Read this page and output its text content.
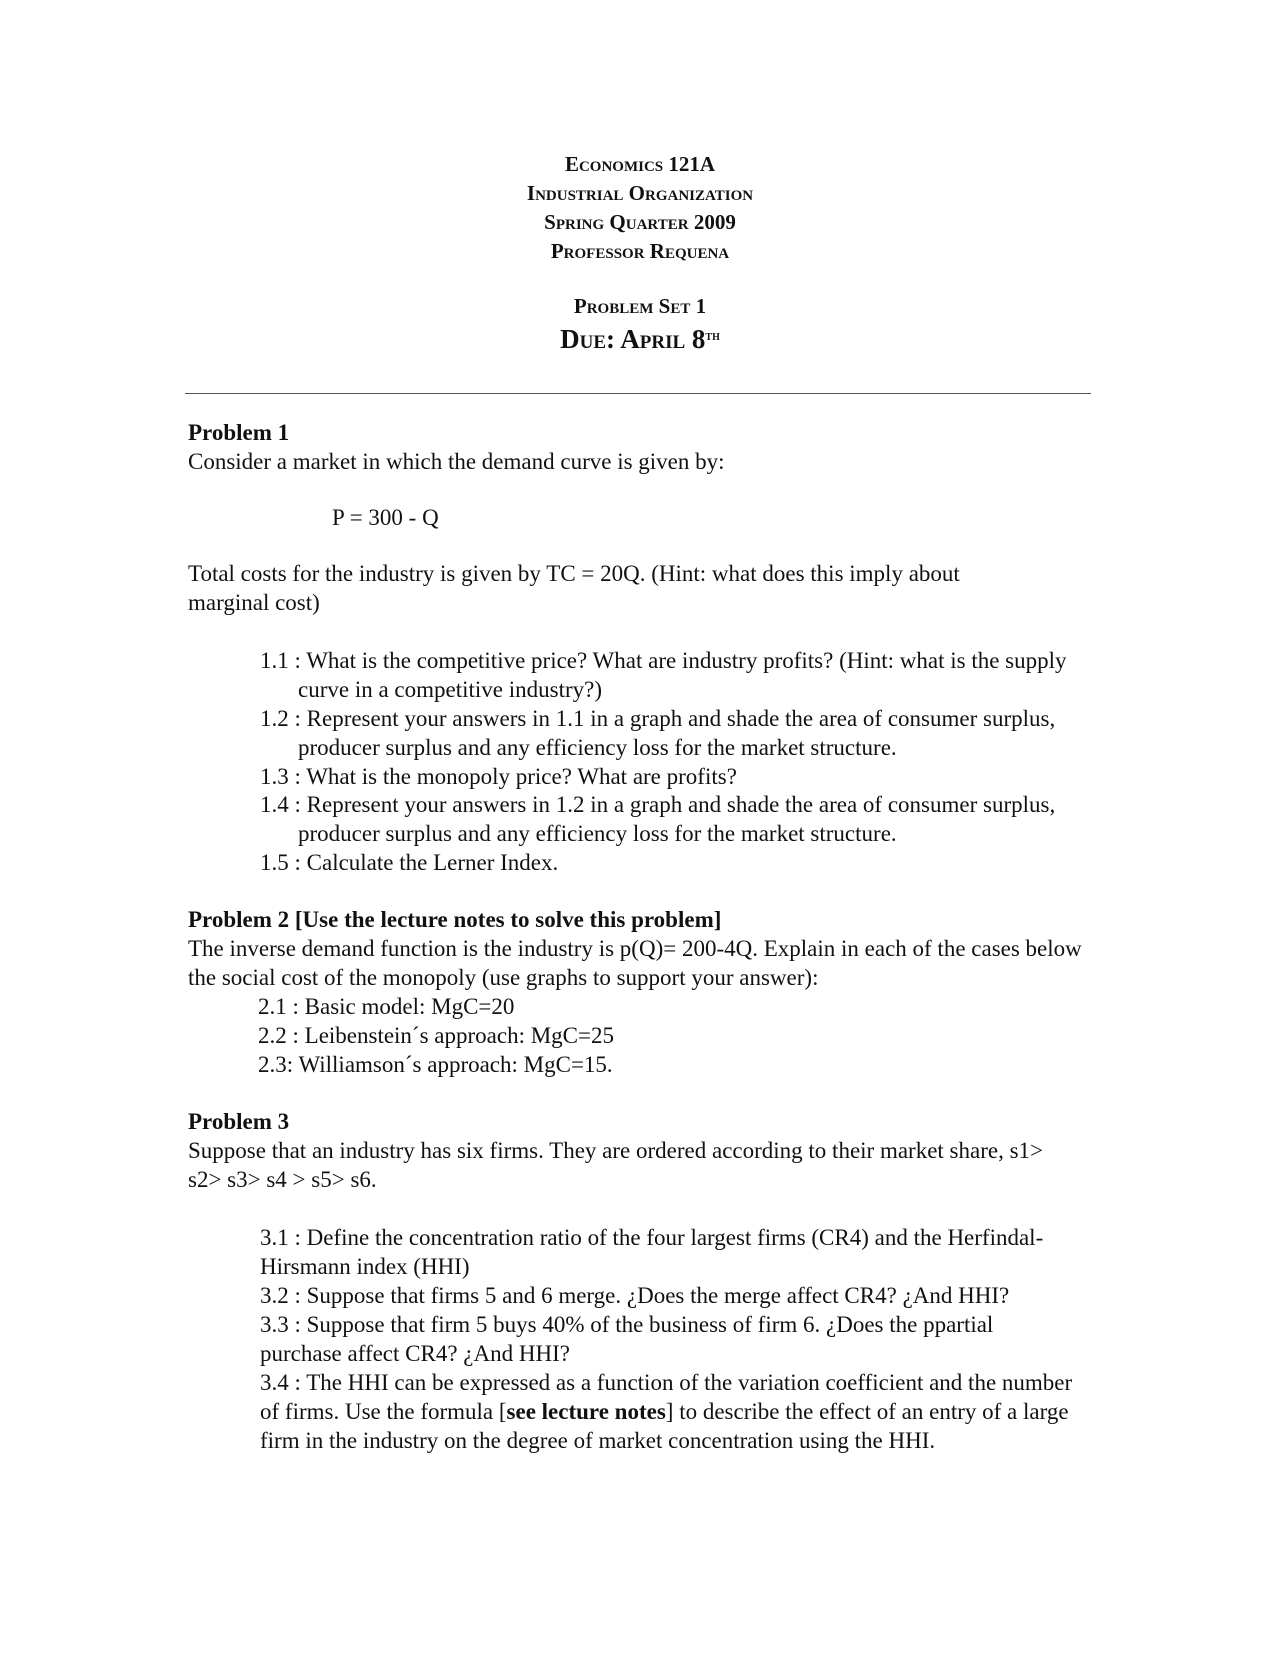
Economics 121A
Industrial Organization
Spring Quarter 2009
Professor Requena
Problem Set 1
Due: April 8th
Problem 1
Consider a market in which the demand curve is given by:
P = 300 - Q
Total costs for the industry is given by TC = 20Q. (Hint: what does this imply about marginal cost)
1.1 : What is the competitive price? What are industry profits? (Hint: what is the supply curve in a competitive industry?)
1.2 : Represent your answers in 1.1 in a graph and shade the area of consumer surplus, producer surplus and any efficiency loss for the market structure.
1.3 : What is the monopoly price? What are profits?
1.4 : Represent your answers in 1.2 in a graph and shade the area of consumer surplus, producer surplus and any efficiency loss for the market structure.
1.5 : Calculate the Lerner Index.
Problem 2 [Use the lecture notes to solve this problem]
The inverse demand function is the industry is p(Q)= 200-4Q. Explain in each of the cases below the social cost of the monopoly (use graphs to support your answer):
2.1 : Basic model: MgC=20
2.2 : Leibenstein´s approach: MgC=25
2.3: Williamson´s approach: MgC=15.
Problem 3
Suppose that an industry has six firms. They are ordered according to their market share, s1> s2> s3> s4 > s5> s6.
3.1 : Define the concentration ratio of the four largest firms (CR4) and the Herfindal-Hirsmann index (HHI)
3.2 : Suppose that firms 5 and 6 merge. ¿Does the merge affect CR4? ¿And HHI?
3.3 : Suppose that firm 5 buys 40% of the business of firm 6. ¿Does the ppartial purchase affect CR4? ¿And HHI?
3.4 : The HHI can be expressed as a function of the variation coefficient and the number of firms. Use the formula [see lecture notes] to describe the effect of an entry of a large firm in the industry on the degree of market concentration using the HHI.
